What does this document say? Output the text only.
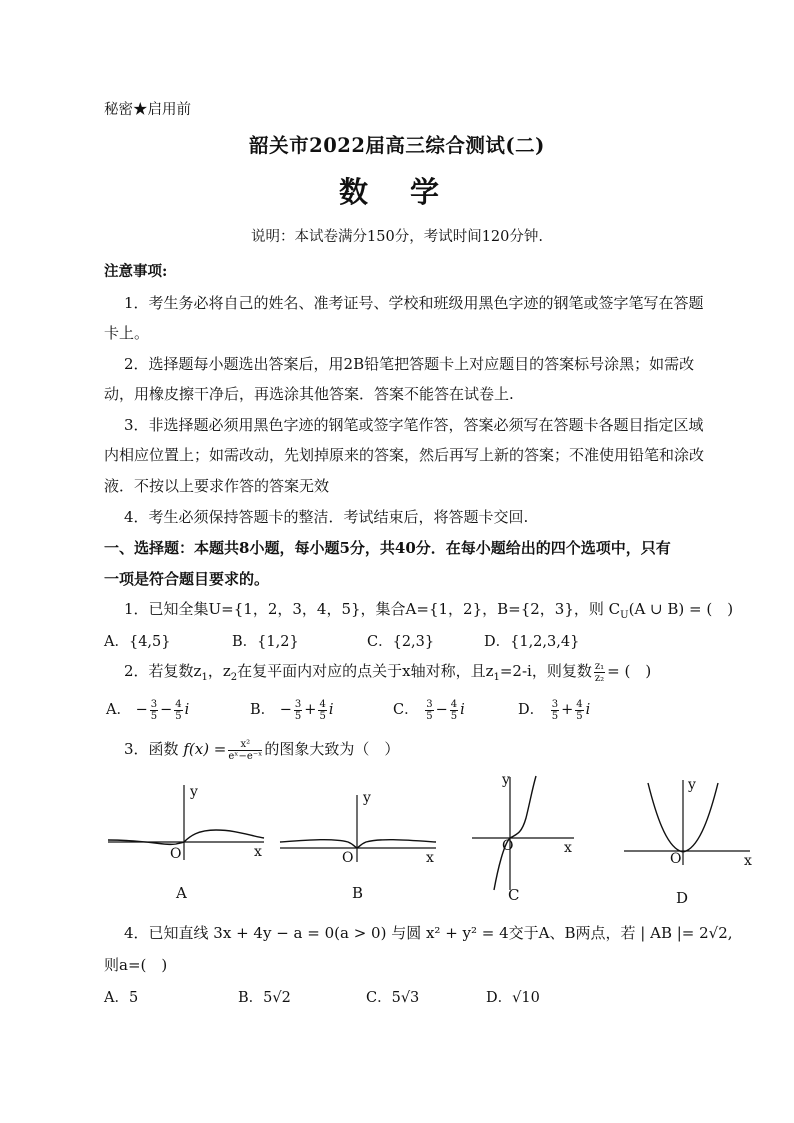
秘密★启用前
韶关市2022届高三综合测试(二)
数 学
说明：本试卷满分150分，考试时间120分钟.
注意事项:
1．考生务必将自己的姓名、准考证号、学校和班级用黑色字迹的钢笔或签字笔写在答题
卡上。
2．选择题每小题选出答案后，用2B铅笔把答题卡上对应题目的答案标号涂黑；如需改
动，用橡皮擦干净后，再选涂其他答案．答案不能答在试卷上.
3．非选择题必须用黑色字迹的钢笔或签字笔作答，答案必须写在答题卡各题目指定区域
内相应位置上；如需改动，先划掉原来的答案，然后再写上新的答案；不准使用铅笔和涂改
液．不按以上要求作答的答案无效
4．考生必须保持答题卡的整洁．考试结束后，将答题卡交回.
一、选择题：本题共8小题，每小题5分，共40分．在每小题给出的四个选项中，只有
一项是符合题目要求的。
1．已知全集U={1，2，3，4，5}，集合A={1，2}，B={2，3}，则 $C_U(A$ ∪ B) = (　)
A．{4,5}	B．{1,2}	C．{2,3}	D．{1,2,3,4}
2．若复数$z_1$，$z_2$在复平面内对应的点关于x轴对称，且$z_1=2-i$，则复数 $\frac{\text{z₁}}{\text{z₂}}$ = (　)
A． − $\frac{3}{5} - \frac{4}{5}$ i	B． − $\frac{3}{5} + \frac{4}{5}$ i	C． $\frac{3}{5} - \frac{4}{5}$ i	D． $\frac{3}{5} + \frac{4}{5}$ i
3．函数 $f(x) = \frac{\text{x²}}{\text{eˣ−e⁻ˣ}}$ 的图象大致为（　）
y
x
O
A
y
x
O
B
y
x
O
C
y
x
O
D
4．已知直线 3x + 4y − a = 0(a > 0) 与圆 x² + y² = 4交于A、B两点，若 | AB |= 2√2,
则a=(　)
A．5	B．5√2	C．5√3	D．√10
